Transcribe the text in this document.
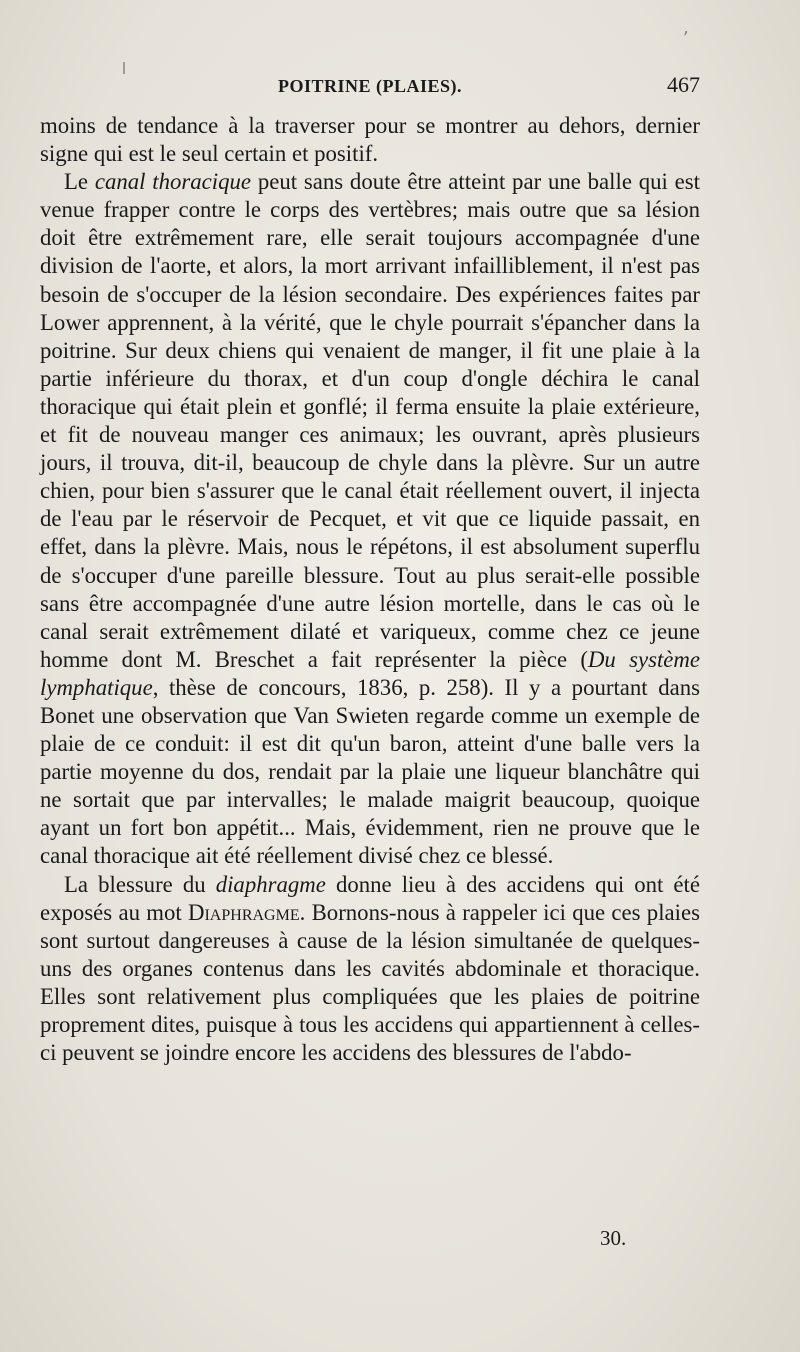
ʼ
POITRINE (PLAIES).	467

moins de tendance à la traverser pour se montrer au dehors, dernier signe qui est le seul certain et positif.

Le canal thoracique peut sans doute être atteint par une balle qui est venue frapper contre le corps des vertèbres; mais outre que sa lésion doit être extrêmement rare, elle serait toujours accompagnée d'une division de l'aorte, et alors, la mort arrivant infailliblement, il n'est pas besoin de s'occuper de la lésion secondaire. Des expériences faites par Lower apprennent, à la vérité, que le chyle pourrait s'épancher dans la poitrine. Sur deux chiens qui venaient de manger, il fit une plaie à la partie inférieure du thorax, et d'un coup d'ongle déchira le canal thoracique qui était plein et gonflé; il ferma ensuite la plaie extérieure, et fit de nouveau manger ces animaux; les ouvrant, après plusieurs jours, il trouva, dit-il, beaucoup de chyle dans la plèvre. Sur un autre chien, pour bien s'assurer que le canal était réellement ouvert, il injecta de l'eau par le réservoir de Pecquet, et vit que ce liquide passait, en effet, dans la plèvre. Mais, nous le répétons, il est absolument superflu de s'occuper d'une pareille blessure. Tout au plus serait-elle possible sans être accompagnée d'une autre lésion mortelle, dans le cas où le canal serait extrêmement dilaté et variqueux, comme chez ce jeune homme dont M. Breschet a fait représenter la pièce (Du système lymphatique, thèse de concours, 1836, p. 258). Il y a pourtant dans Bonet une observation que Van Swieten regarde comme un exemple de plaie de ce conduit: il est dit qu'un baron, atteint d'une balle vers la partie moyenne du dos, rendait par la plaie une liqueur blanchâtre qui ne sortait que par intervalles; le malade maigrit beaucoup, quoique ayant un fort bon appétit... Mais, évidemment, rien ne prouve que le canal thoracique ait été réellement divisé chez ce blessé.

La blessure du diaphragme donne lieu à des accidens qui ont été exposés au mot Diaphragme. Bornons-nous à rappeler ici que ces plaies sont surtout dangereuses à cause de la lésion simultanée de quelques-uns des organes contenus dans les cavités abdominale et thoracique. Elles sont relativement plus compliquées que les plaies de poitrine proprement dites, puisque à tous les accidens qui appartiennent à celles-ci peuvent se joindre encore les accidens des blessures de l'abdo-

30.
